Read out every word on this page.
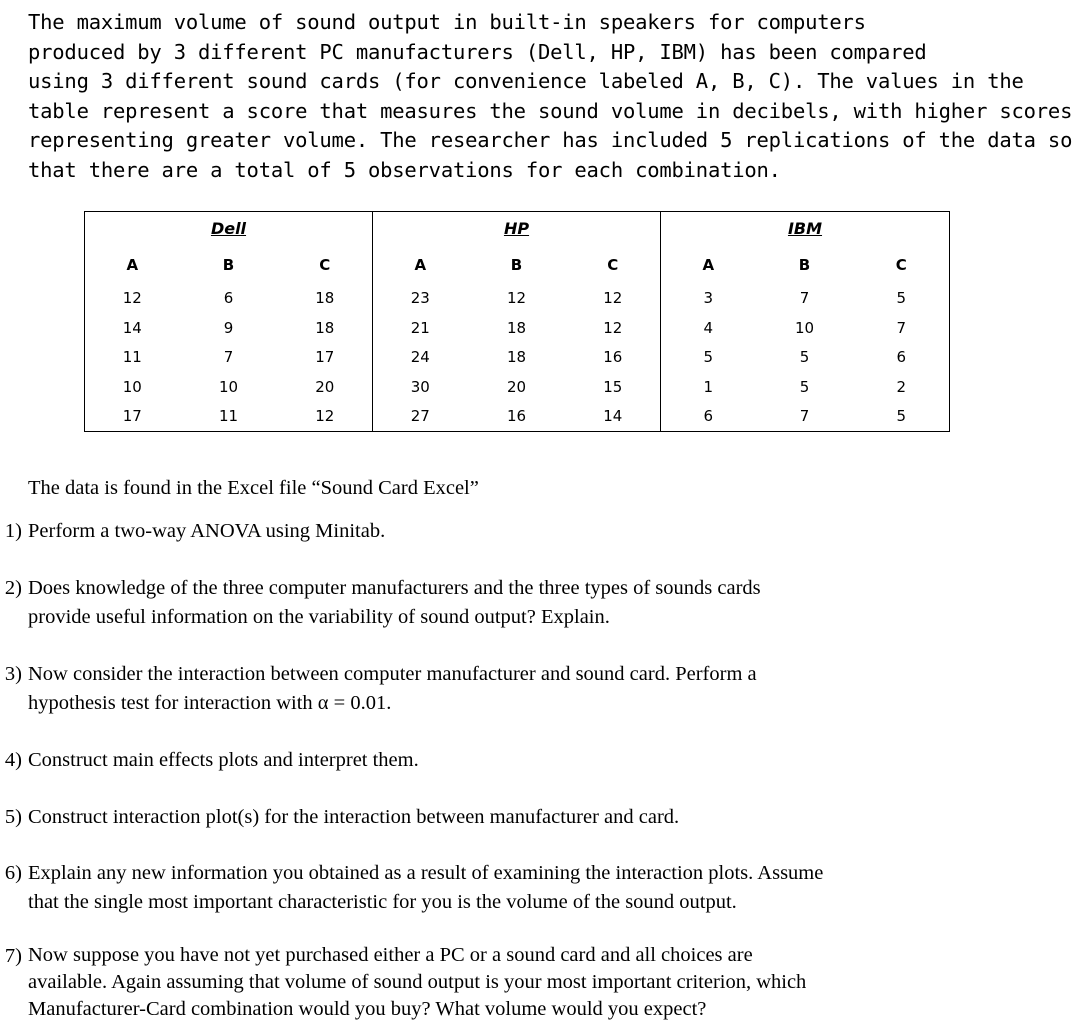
The maximum volume of sound output in built-in speakers for computers
produced by 3 different PC manufacturers (Dell, HP, IBM) has been compared
using 3 different sound cards (for convenience labeled A, B, C). The values in the
table represent a score that measures the sound volume in decibels, with higher scores
representing greater volume. The researcher has included 5 replications of the data so
that there are a total of 5 observations for each combination.
Dell			HP			IBM		
A	B	C	A	B	C	A	B	C
12	6	18	23	12	12	3	7	5
14	9	18	21	18	12	4	10	7
11	7	17	24	18	16	5	5	6
10	10	20	30	20	15	1	5	2
17	11	12	27	16	14	6	7	5

The data is found in the Excel file “Sound Card Excel”

1) Perform a two-way ANOVA using Minitab.
2) Does knowledge of the three computer manufacturers and the three types of sounds cards
provide useful information on the variability of sound output? Explain.
3) Now consider the interaction between computer manufacturer and sound card. Perform a
hypothesis test for interaction with α = 0.01.
4) Construct main effects plots and interpret them.
5) Construct interaction plot(s) for the interaction between manufacturer and card.
6) Explain any new information you obtained as a result of examining the interaction plots. Assume
that the single most important characteristic for you is the volume of the sound output.
7) Now suppose you have not yet purchased either a PC or a sound card and all choices are
available. Again assuming that volume of sound output is your most important criterion, which
Manufacturer-Card combination would you buy? What volume would you expect?
